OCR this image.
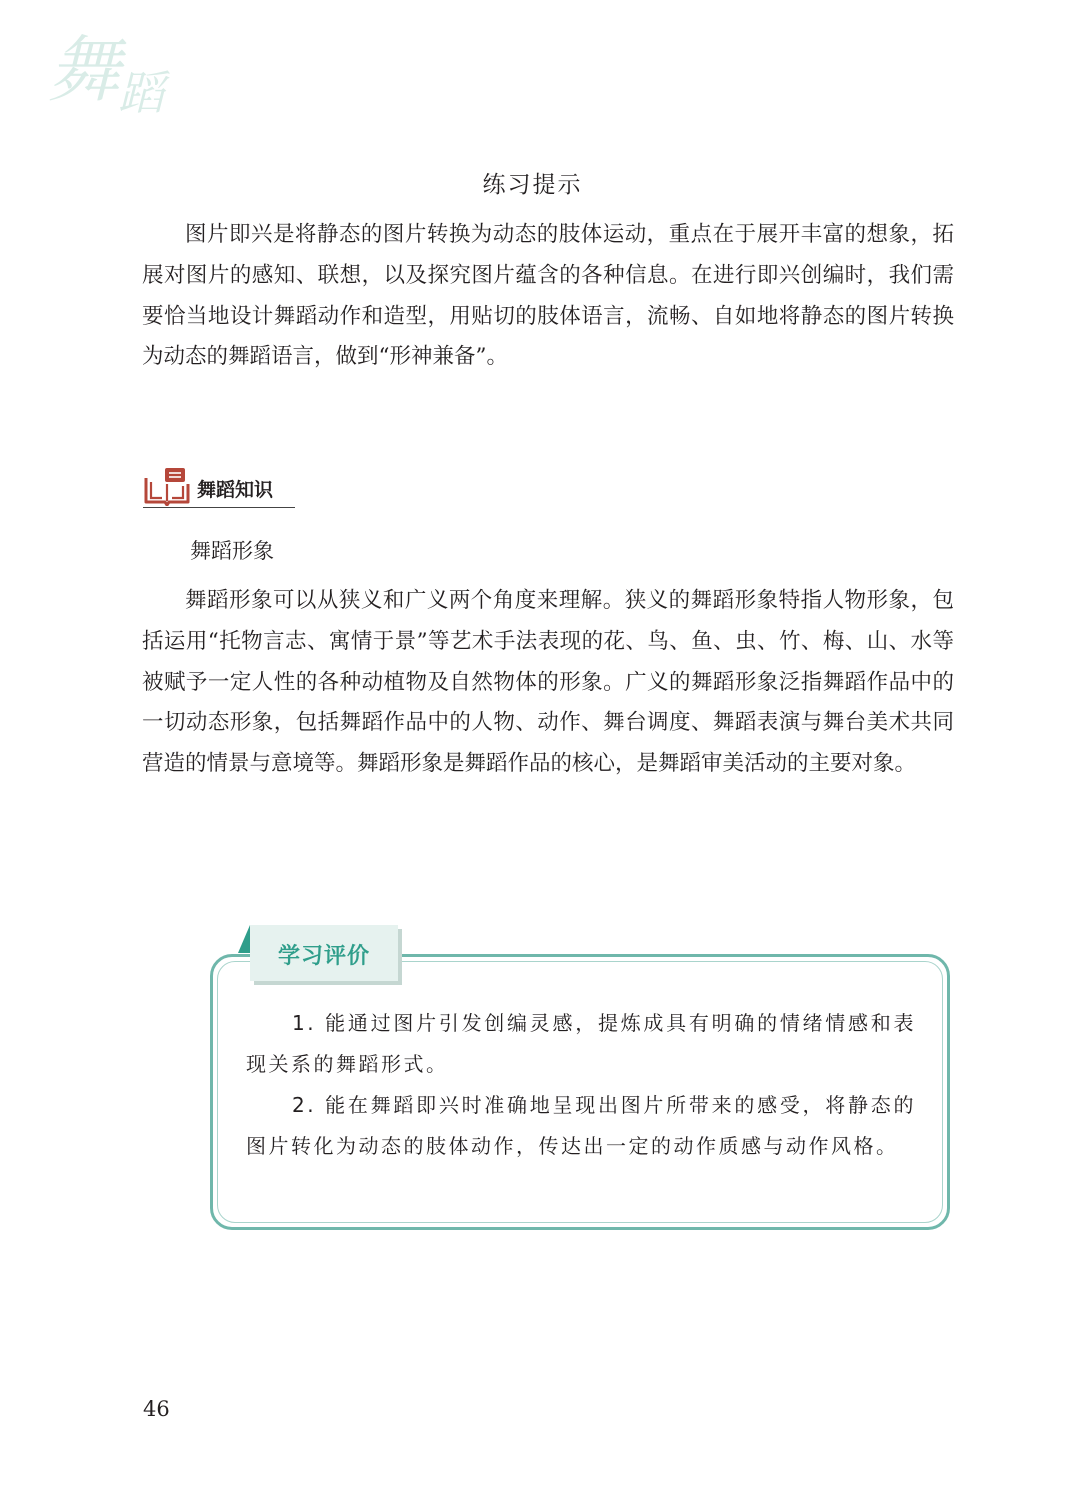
舞
蹈
练习提示

图片即兴是将静态的图片转换为动态的肢体运动，重点在于展开丰富的想象，拓展对图片的感知、联想，以及探究图片蕴含的各种信息。在进行即兴创编时，我们需要恰当地设计舞蹈动作和造型，用贴切的肢体语言，流畅、自如地将静态的图片转换为动态的舞蹈语言，做到“形神兼备”。

舞蹈知识
舞蹈形象

舞蹈形象可以从狭义和广义两个角度来理解。狭义的舞蹈形象特指人物形象，包括运用“托物言志、寓情于景”等艺术手法表现的花、鸟、鱼、虫、竹、梅、山、水等被赋予一定人性的各种动植物及自然物体的形象。广义的舞蹈形象泛指舞蹈作品中的一切动态形象，包括舞蹈作品中的人物、动作、舞台调度、舞蹈表演与舞台美术共同营造的情景与意境等。舞蹈形象是舞蹈作品的核心，是舞蹈审美活动的主要对象。

学习评价

1. 能通过图片引发创编灵感，提炼成具有明确的情绪情感和表现关系的舞蹈形式。

2. 能在舞蹈即兴时准确地呈现出图片所带来的感受，将静态的图片转化为动态的肢体动作，传达出一定的动作质感与动作风格。

46
